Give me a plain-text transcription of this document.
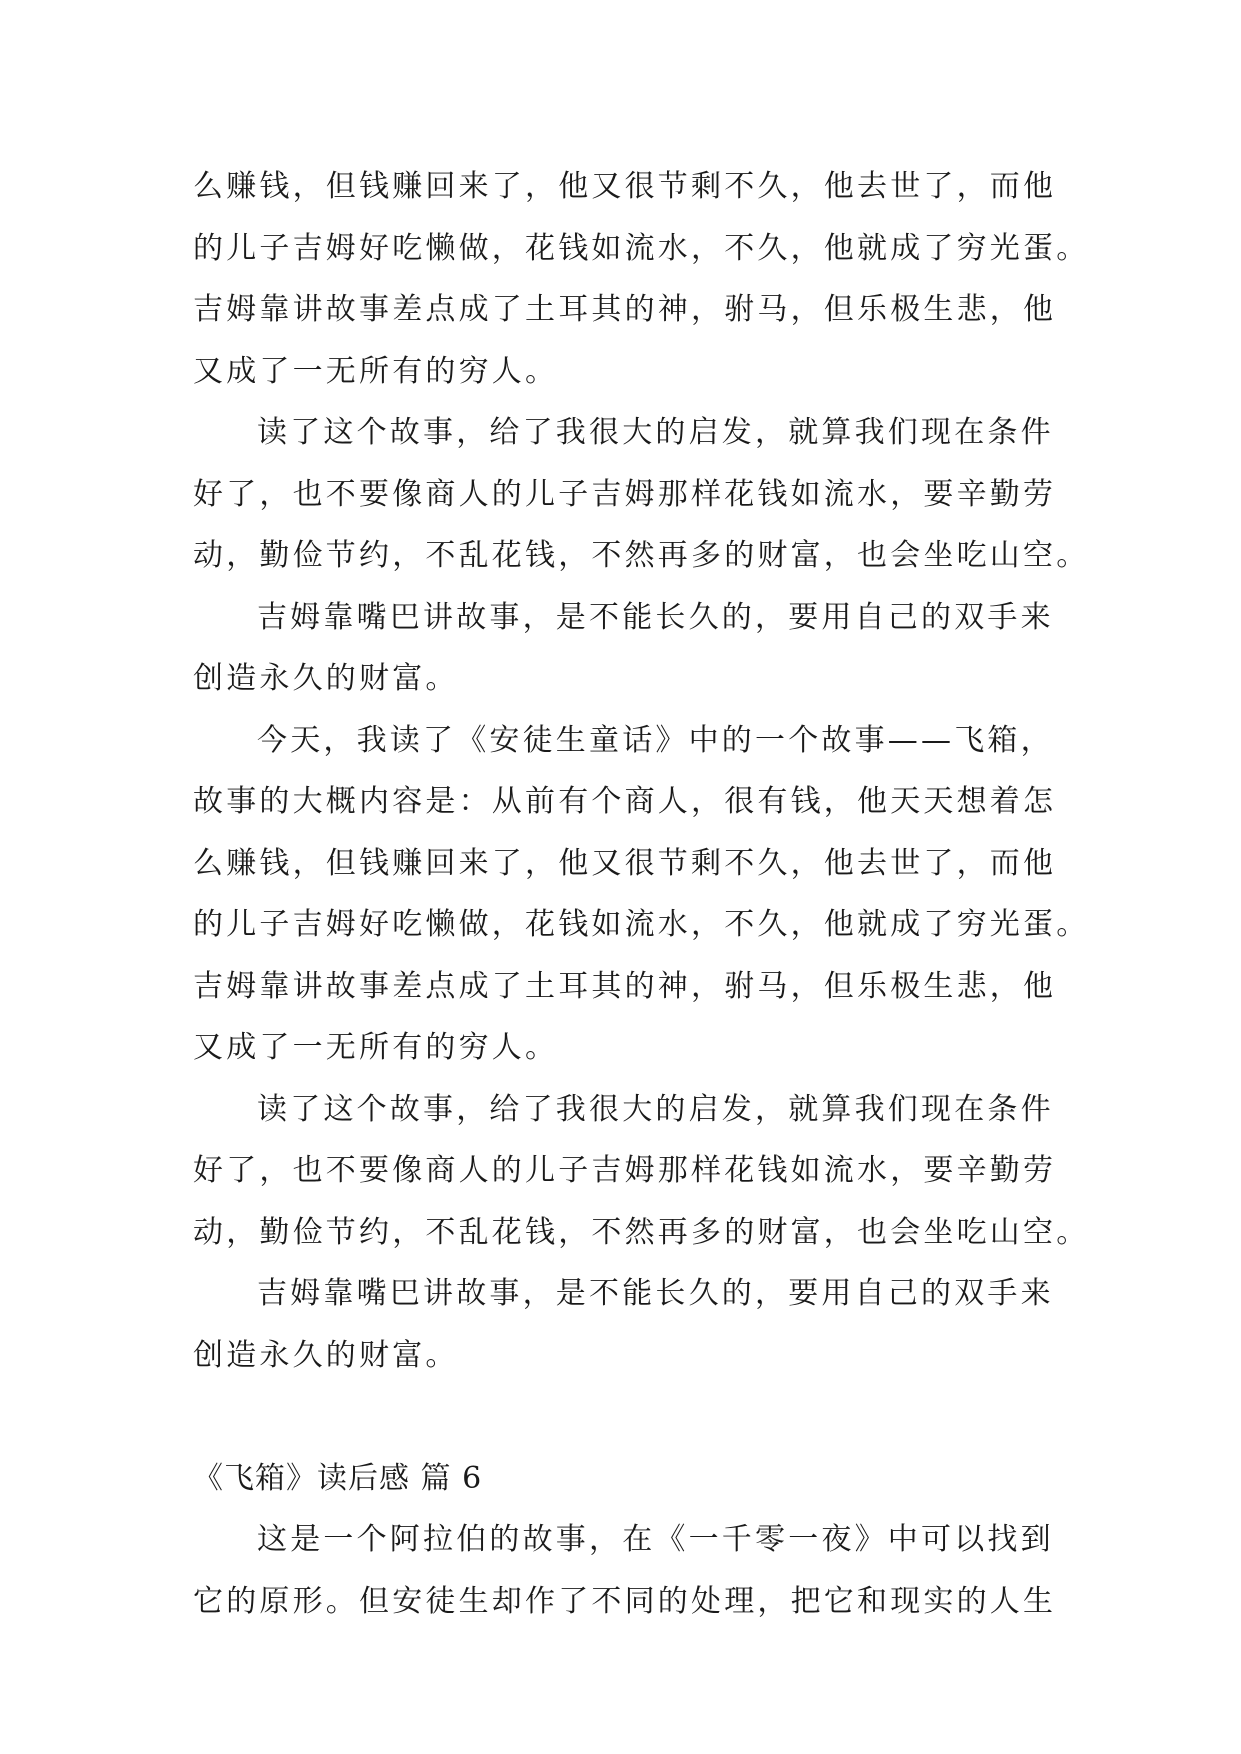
么赚钱，但钱赚回来了，他又很节剩不久，他去世了，而他
的儿子吉姆好吃懒做，花钱如流水，不久，他就成了穷光蛋。
吉姆靠讲故事差点成了土耳其的神，驸马，但乐极生悲，他
又成了一无所有的穷人。
读了这个故事，给了我很大的启发，就算我们现在条件
好了，也不要像商人的儿子吉姆那样花钱如流水，要辛勤劳
动，勤俭节约，不乱花钱，不然再多的财富，也会坐吃山空。
吉姆靠嘴巴讲故事，是不能长久的，要用自己的双手来
创造永久的财富。
今天，我读了《安徒生童话》中的一个故事——飞箱，
故事的大概内容是：从前有个商人，很有钱，他天天想着怎
么赚钱，但钱赚回来了，他又很节剩不久，他去世了，而他
的儿子吉姆好吃懒做，花钱如流水，不久，他就成了穷光蛋。
吉姆靠讲故事差点成了土耳其的神，驸马，但乐极生悲，他
又成了一无所有的穷人。
读了这个故事，给了我很大的启发，就算我们现在条件
好了，也不要像商人的儿子吉姆那样花钱如流水，要辛勤劳
动，勤俭节约，不乱花钱，不然再多的财富，也会坐吃山空。
吉姆靠嘴巴讲故事，是不能长久的，要用自己的双手来
创造永久的财富。
《飞箱》读后感 篇 6
这是一个阿拉伯的故事，在《一千零一夜》中可以找到
它的原形。但安徒生却作了不同的处理，把它和现实的人生
